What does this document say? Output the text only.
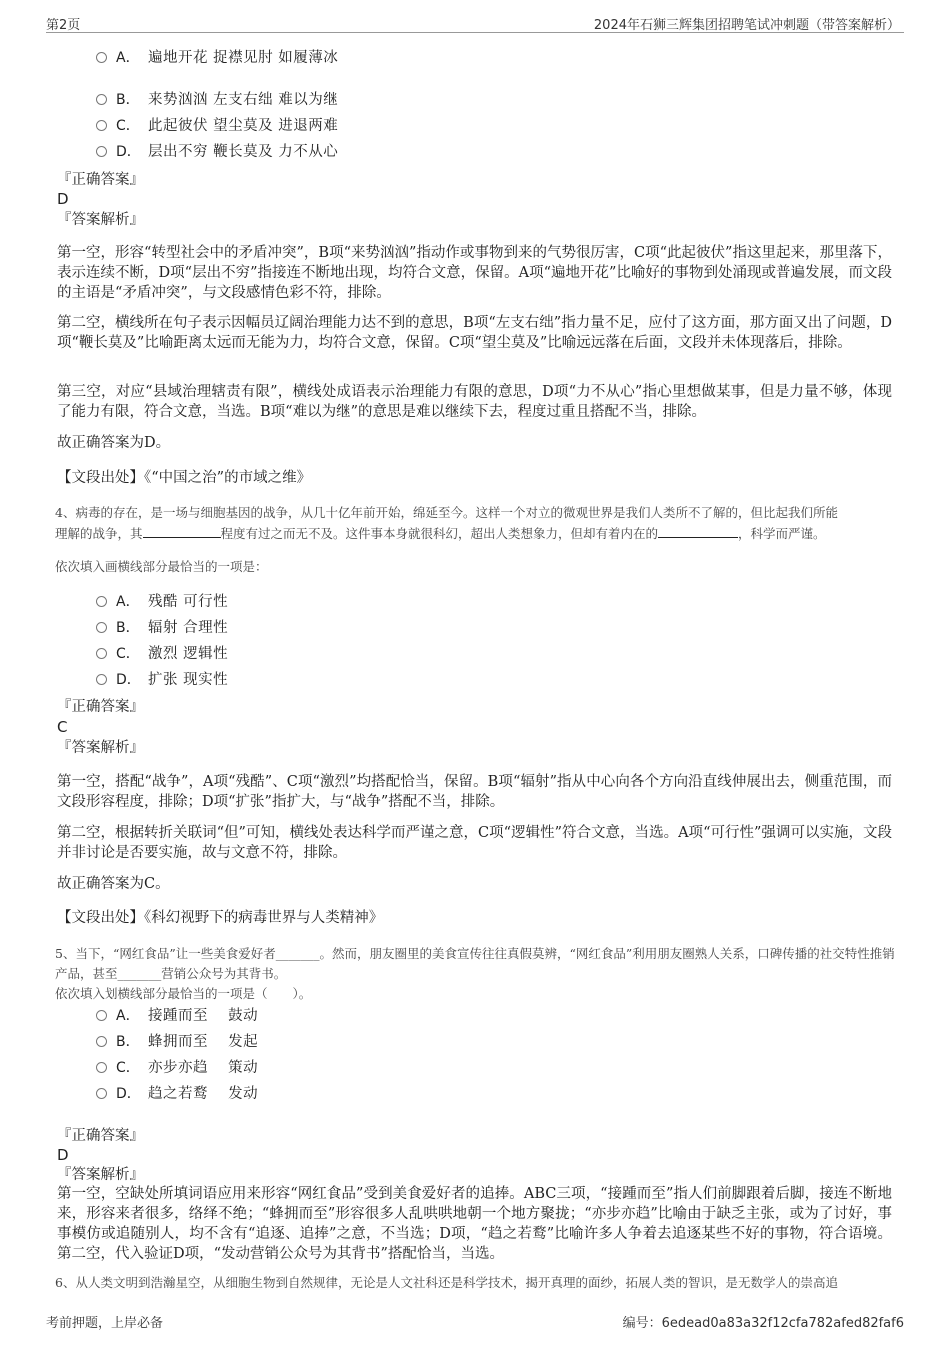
第2页	2024年石狮三辉集团招聘笔试冲刺题（带答案解析）
A． 遍地开花 捉襟见肘 如履薄冰
B． 来势汹汹 左支右绌 难以为继
C． 此起彼伏 望尘莫及 进退两难
D． 层出不穷 鞭长莫及 力不从心
『正确答案』
D
『答案解析』

第一空，形容“转型社会中的矛盾冲突”，B项“来势汹汹”指动作或事物到来的气势很厉害，C项“此起彼伏”指这里起来，那里落下，表示连续不断，D项“层出不穷”指接连不断地出现，均符合文意，保留。A项“遍地开花”比喻好的事物到处涌现或普遍发展，而文段的主语是“矛盾冲突”，与文段感情色彩不符，排除。

第二空，横线所在句子表示因幅员辽阔治理能力达不到的意思，B项“左支右绌”指力量不足，应付了这方面，那方面又出了问题，D项“鞭长莫及”比喻距离太远而无能为力，均符合文意，保留。C项“望尘莫及”比喻远远落在后面，文段并未体现落后，排除。

第三空，对应“县域治理辖责有限”，横线处成语表示治理能力有限的意思，D项“力不从心”指心里想做某事，但是力量不够，体现了能力有限，符合文意，当选。B项“难以为继”的意思是难以继续下去，程度过重且搭配不当，排除。

故正确答案为D。

【文段出处】《“中国之治”的市域之维》

4、病毒的存在，是一场与细胞基因的战争，从几十亿年前开始，绵延至今。这样一个对立的微观世界是我们人类所不了解的，但比起我们所能

理解的战争，其	程度有过之而无不及。这件事本身就很科幻，超出人类想象力，但却有着内在的	，科学而严谨。

依次填入画横线部分最恰当的一项是：

A． 残酷 可行性
B． 辐射 合理性
C． 激烈 逻辑性
D． 扩张 现实性
『正确答案』
C
『答案解析』

第一空，搭配“战争”，A项“残酷”、C项“激烈”均搭配恰当，保留。B项“辐射”指从中心向各个方向沿直线伸展出去，侧重范围，而文段形容程度，排除；D项“扩张”指扩大，与“战争”搭配不当，排除。

第二空，根据转折关联词“但”可知，横线处表达科学而严谨之意，C项“逻辑性”符合文意，当选。A项“可行性”强调可以实施，文段并非讨论是否要实施，故与文意不符，排除。

故正确答案为C。

【文段出处】《科幻视野下的病毒世界与人类精神》

5、当下，“网红食品”让一些美食爱好者_______。然而，朋友圈里的美食宣传往往真假莫辨，“网红食品”利用朋友圈熟人关系，口碑传播的社交特性推销产品，甚至_______营销公众号为其背书。

依次填入划横线部分最恰当的一项是（　　）。

A． 接踵而至　 鼓动
B． 蜂拥而至　 发起
C． 亦步亦趋　 策动
D． 趋之若鹜　 发动
『正确答案』
D
『答案解析』

第一空，空缺处所填词语应用来形容“网红食品”受到美食爱好者的追捧。ABC三项，“接踵而至”指人们前脚跟着后脚，接连不断地来，形容来者很多，络绎不绝；“蜂拥而至”形容很多人乱哄哄地朝一个地方聚拢；“亦步亦趋”比喻由于缺乏主张，或为了讨好，事事模仿或追随别人，均不含有“追逐、追捧”之意，不当选；D项，“趋之若鹜”比喻许多人争着去追逐某些不好的事物，符合语境。第二空，代入验证D项，“发动营销公众号为其背书”搭配恰当，当选。

6、从人类文明到浩瀚星空，从细胞生物到自然规律，无论是人文社科还是科学技术，揭开真理的面纱，拓展人类的智识，是无数学人的崇高追

考前押题，上岸必备	编号：6edead0a83a32f12cfa782afed82faf6
